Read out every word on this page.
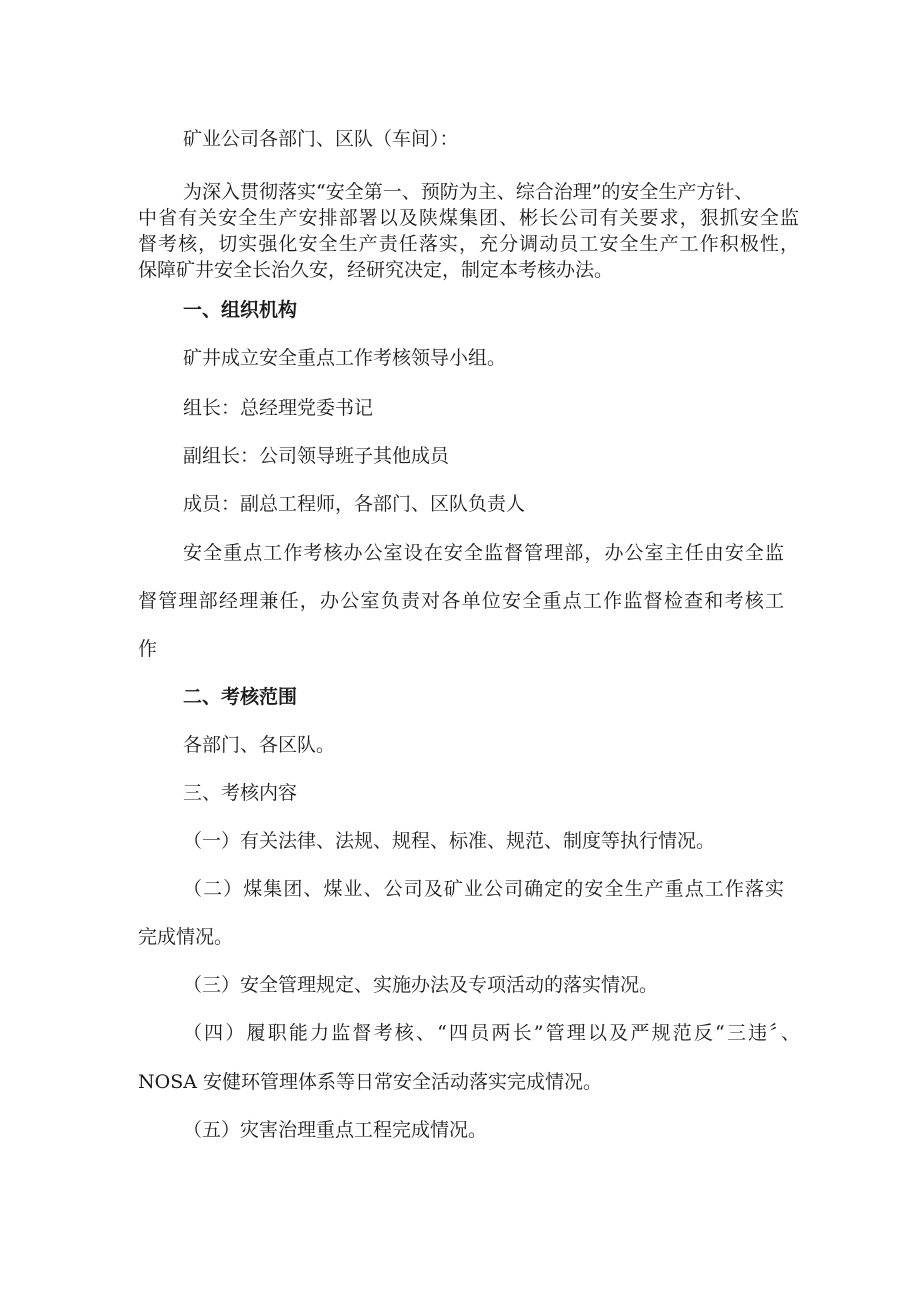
矿业公司各部门、区队（车间）：
为深入贯彻落实“安全第一、预防为主、综合治理”的安全生产方针、
中省有关安全生产安排部署以及陕煤集团、彬长公司有关要求，狠抓安全监
督考核，切实强化安全生产责任落实，充分调动员工安全生产工作积极性，
保障矿井安全长治久安，经研究决定，制定本考核办法。
一、组织机构
矿井成立安全重点工作考核领导小组。
组长：总经理党委书记
副组长：公司领导班子其他成员
成员：副总工程师，各部门、区队负责人
安全重点工作考核办公室设在安全监督管理部，办公室主任由安全监
督管理部经理兼任，办公室负责对各单位安全重点工作监督检查和考核工
作
二、考核范围
各部门、各区队。
三、考核内容
（一）有关法律、法规、规程、标准、规范、制度等执行情况。
（二）煤集团、煤业、公司及矿业公司确定的安全生产重点工作落实
完成情况。
（三）安全管理规定、实施办法及专项活动的落实情况。
（四）履职能力监督考核、“四员两长”管理以及严规范反“三违〞、
NOSA 安健环管理体系等日常安全活动落实完成情况。
（五）灾害治理重点工程完成情况。
